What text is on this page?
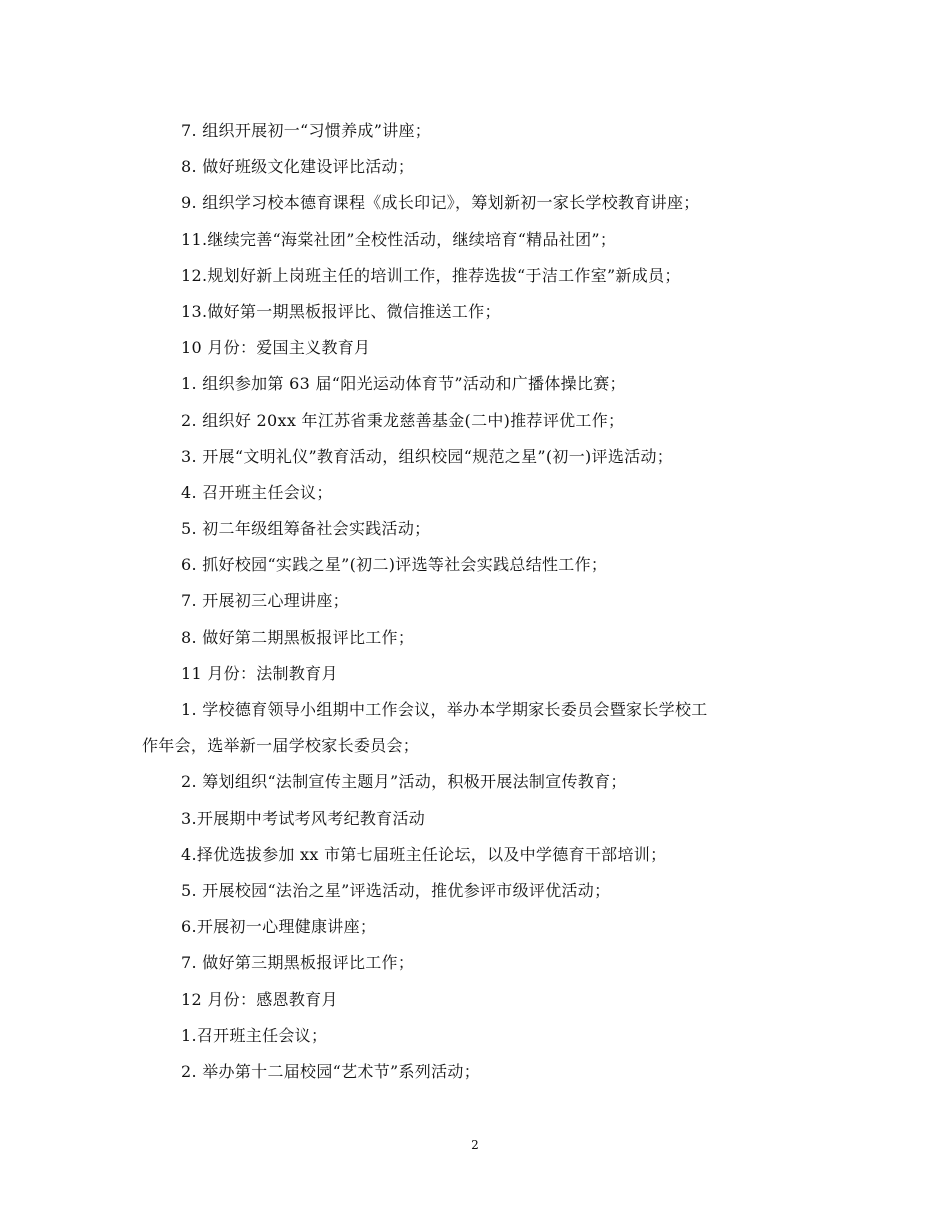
7. 组织开展初一“习惯养成”讲座；
8. 做好班级文化建设评比活动；
9. 组织学习校本德育课程《成长印记》，筹划新初一家长学校教育讲座；
11.继续完善“海棠社团”全校性活动，继续培育“精品社团”；
12.规划好新上岗班主任的培训工作，推荐选拔“于洁工作室”新成员；
13.做好第一期黑板报评比、微信推送工作；
10 月份：爱国主义教育月
1. 组织参加第 63 届“阳光运动体育节”活动和广播体操比赛；
2. 组织好 20xx 年江苏省秉龙慈善基金(二中)推荐评优工作；
3. 开展“文明礼仪”教育活动，组织校园“规范之星”(初一)评选活动；
4. 召开班主任会议；
5. 初二年级组筹备社会实践活动；
6. 抓好校园“实践之星”(初二)评选等社会实践总结性工作；
7. 开展初三心理讲座；
8. 做好第二期黑板报评比工作；
11 月份：法制教育月
1. 学校德育领导小组期中工作会议，举办本学期家长委员会暨家长学校工
作年会，选举新一届学校家长委员会；
2. 筹划组织“法制宣传主题月”活动，积极开展法制宣传教育；
3.开展期中考试考风考纪教育活动
4.择优选拔参加 xx 市第七届班主任论坛，以及中学德育干部培训；
5. 开展校园“法治之星”评选活动，推优参评市级评优活动；
6.开展初一心理健康讲座；
7. 做好第三期黑板报评比工作；
12 月份：感恩教育月
1.召开班主任会议；
2. 举办第十二届校园“艺术节”系列活动；
2
